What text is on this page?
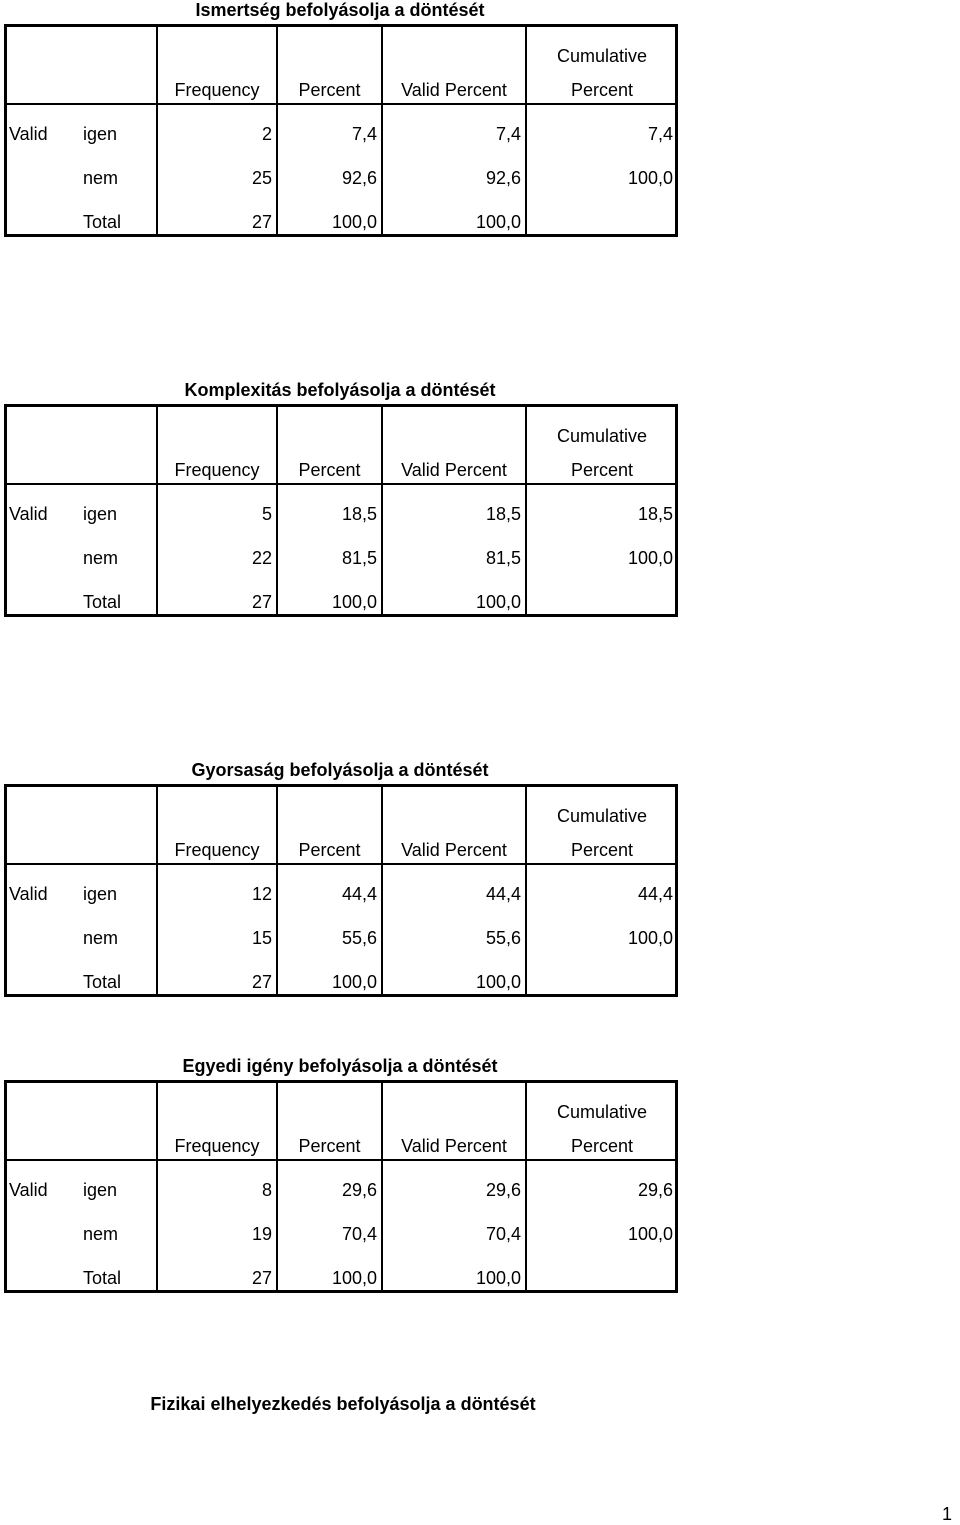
Ismertség befolyásolja a döntését
Cumulative
Frequency	Percent	Valid Percent	Percent
Valid igen	2	7,4	7,4	7,4
nem	25	92,6	92,6	100,0
Total	27	100,0	100,0
Komplexitás befolyásolja a döntését
Cumulative
Frequency	Percent	Valid Percent	Percent
Valid igen	5	18,5	18,5	18,5
nem	22	81,5	81,5	100,0
Total	27	100,0	100,0
Gyorsaság befolyásolja a döntését
Cumulative
Frequency	Percent	Valid Percent	Percent
Valid igen	12	44,4	44,4	44,4
nem	15	55,6	55,6	100,0
Total	27	100,0	100,0
Egyedi igény befolyásolja a döntését
Cumulative
Frequency	Percent	Valid Percent	Percent
Valid igen	8	29,6	29,6	29,6
nem	19	70,4	70,4	100,0
Total	27	100,0	100,0
Fizikai elhelyezkedés befolyásolja a döntését
1
